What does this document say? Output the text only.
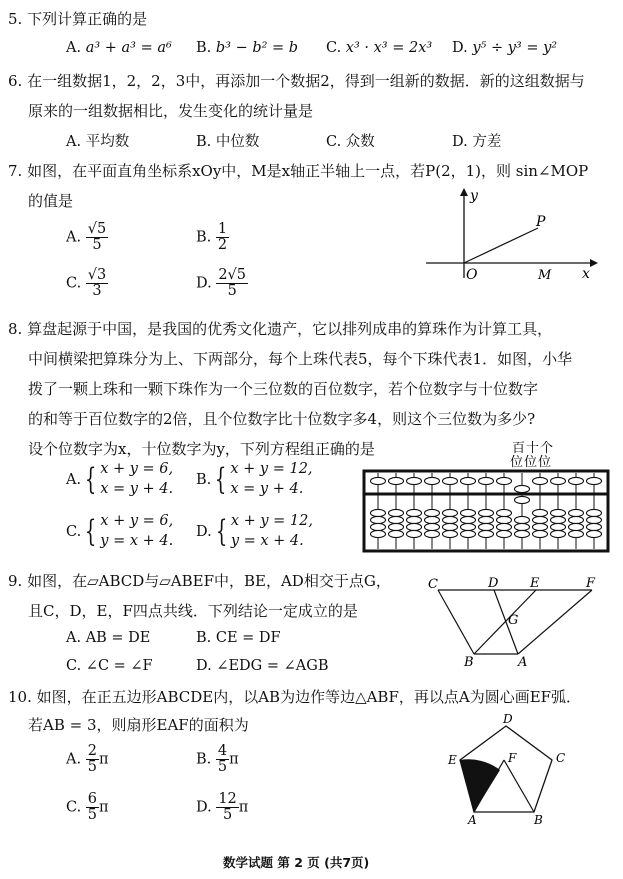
5. 下列计算正确的是
A. a³ + a³ = a⁶ B. b³ − b² = b C. x³ · x³ = 2x³ D. y⁵ ÷ y³ = y²
6. 在一组数据1，2，2，3中，再添加一个数据2，得到一组新的数据．新的这组数据与
原来的一组数据相比，发生变化的统计量是
A. 平均数	B. 中位数	C. 众数	D. 方差
7. 如图，在平面直角坐标系xOy中，M是x轴正半轴上一点，若P(2，1)，则 sin∠MOP
的值是
A. $\frac{√5}{5}$	B. $\frac{1}{2}$
C. $\frac{√3}{3}$	D. $\frac{2√5}{5}$
y
x
O	M
P
8. 算盘起源于中国，是我国的优秀文化遗产，它以排列成串的算珠作为计算工具，
中间横梁把算珠分为上、下两部分，每个上珠代表5，每个下珠代表1．如图，小华
拨了一颗上珠和一颗下珠作为一个三位数的百位数字，若个位数字与十位数字
的和等于百位数字的2倍，且个位数字比十位数字多4，则这个三位数为多少?
设个位数字为x，十位数字为y，下列方程组正确的是
A. { x + y = 6,
x = y + 4.
B. { x + y = 12,
x = y + 4.
C. { x + y = 6,
y = x + 4.
D. { x + y = 12,
y = x + 4.
百十个
位位位
9. 如图，在▱ABCD与▱ABEF中，BE，AD相交于点G，
且C，D，E，F四点共线．下列结论一定成立的是
A. AB = DE	B. CE = DF
C. ∠C = ∠F	D. ∠EDG = ∠AGB
C	D E	F
G
B	A
10. 如图，在正五边形ABCDE内，以AB为边作等边△ABF，再以点A为圆心画EF弧．
若AB = 3，则扇形EAF的面积为
A. $\frac{2}{5}$ π	B. $\frac{4}{5}$ π
C. $\frac{6}{5}$ π	D. $\frac{12}{5}$ π
A	B
C
D
E	F
数学试题 第 2 页 (共7页)
